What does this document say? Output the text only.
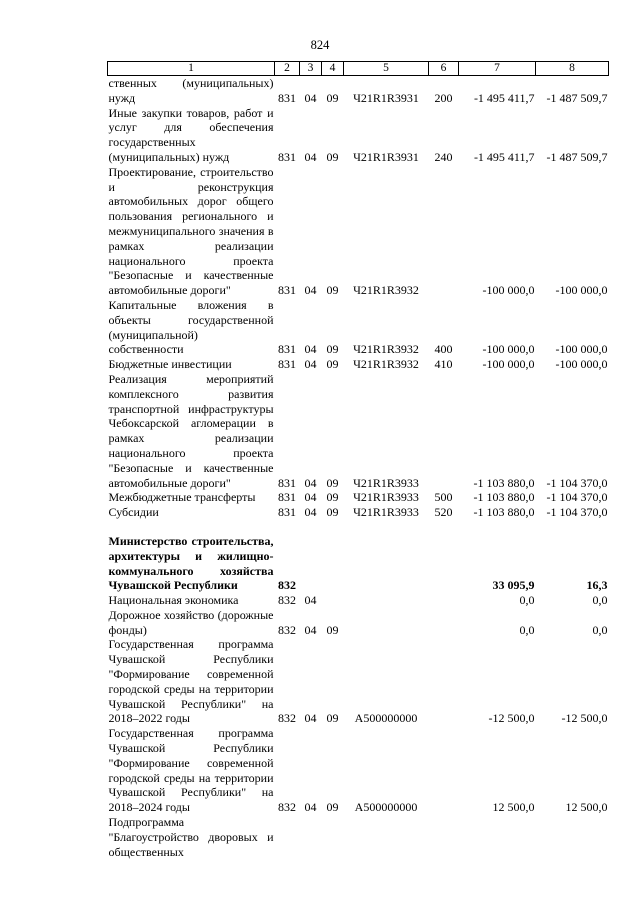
824
1	2	3	4	5	6	7	8
ственных (муниципальных) нужд	831	04	09	Ч21R1R3931	200	-1 495 411,7	-1 487 509,7
Иные закупки товаров, работ и услуг для обеспечения государственных (муниципальных) нужд	831	04	09	Ч21R1R3931	240	-1 495 411,7	-1 487 509,7
Проектирование, строительство и реконструкция автомобильных дорог общего пользования регионального и межмуниципального значения в рамках реализации национального проекта "Безопасные и качественные автомобильные дороги"	831	04	09	Ч21R1R3932		-100 000,0	-100 000,0
Капитальные вложения в объекты государственной (муниципальной) собственности	831	04	09	Ч21R1R3932	400	-100 000,0	-100 000,0
Бюджетные инвестиции	831	04	09	Ч21R1R3932	410	-100 000,0	-100 000,0
Реализация мероприятий комплексного развития транспортной инфраструктуры Чебоксарской агломерации в рамках реализации национального проекта "Безопасные и качественные автомобильные дороги"	831	04	09	Ч21R1R3933		-1 103 880,0	-1 104 370,0
Межбюджетные трансферты	831	04	09	Ч21R1R3933	500	-1 103 880,0	-1 104 370,0
Субсидии	831	04	09	Ч21R1R3933	520	-1 103 880,0	-1 104 370,0

Министерство строительства, архитектуры и жилищно-коммунального хозяйства Чувашской Республики	832					33 095,9	16,3
Национальная экономика	832	04				0,0	0,0
Дорожное хозяйство (дорожные фонды)	832	04	09			0,0	0,0
Государственная программа Чувашской Республики "Формирование современной городской среды на территории Чувашской Республики" на 2018–2022 годы	832	04	09	А500000000		-12 500,0	-12 500,0
Государственная программа Чувашской Республики "Формирование современной городской среды на территории Чувашской Республики" на 2018–2024 годы	832	04	09	А500000000		12 500,0	12 500,0
Подпрограмма "Благоустройство дворовых и общественных							
